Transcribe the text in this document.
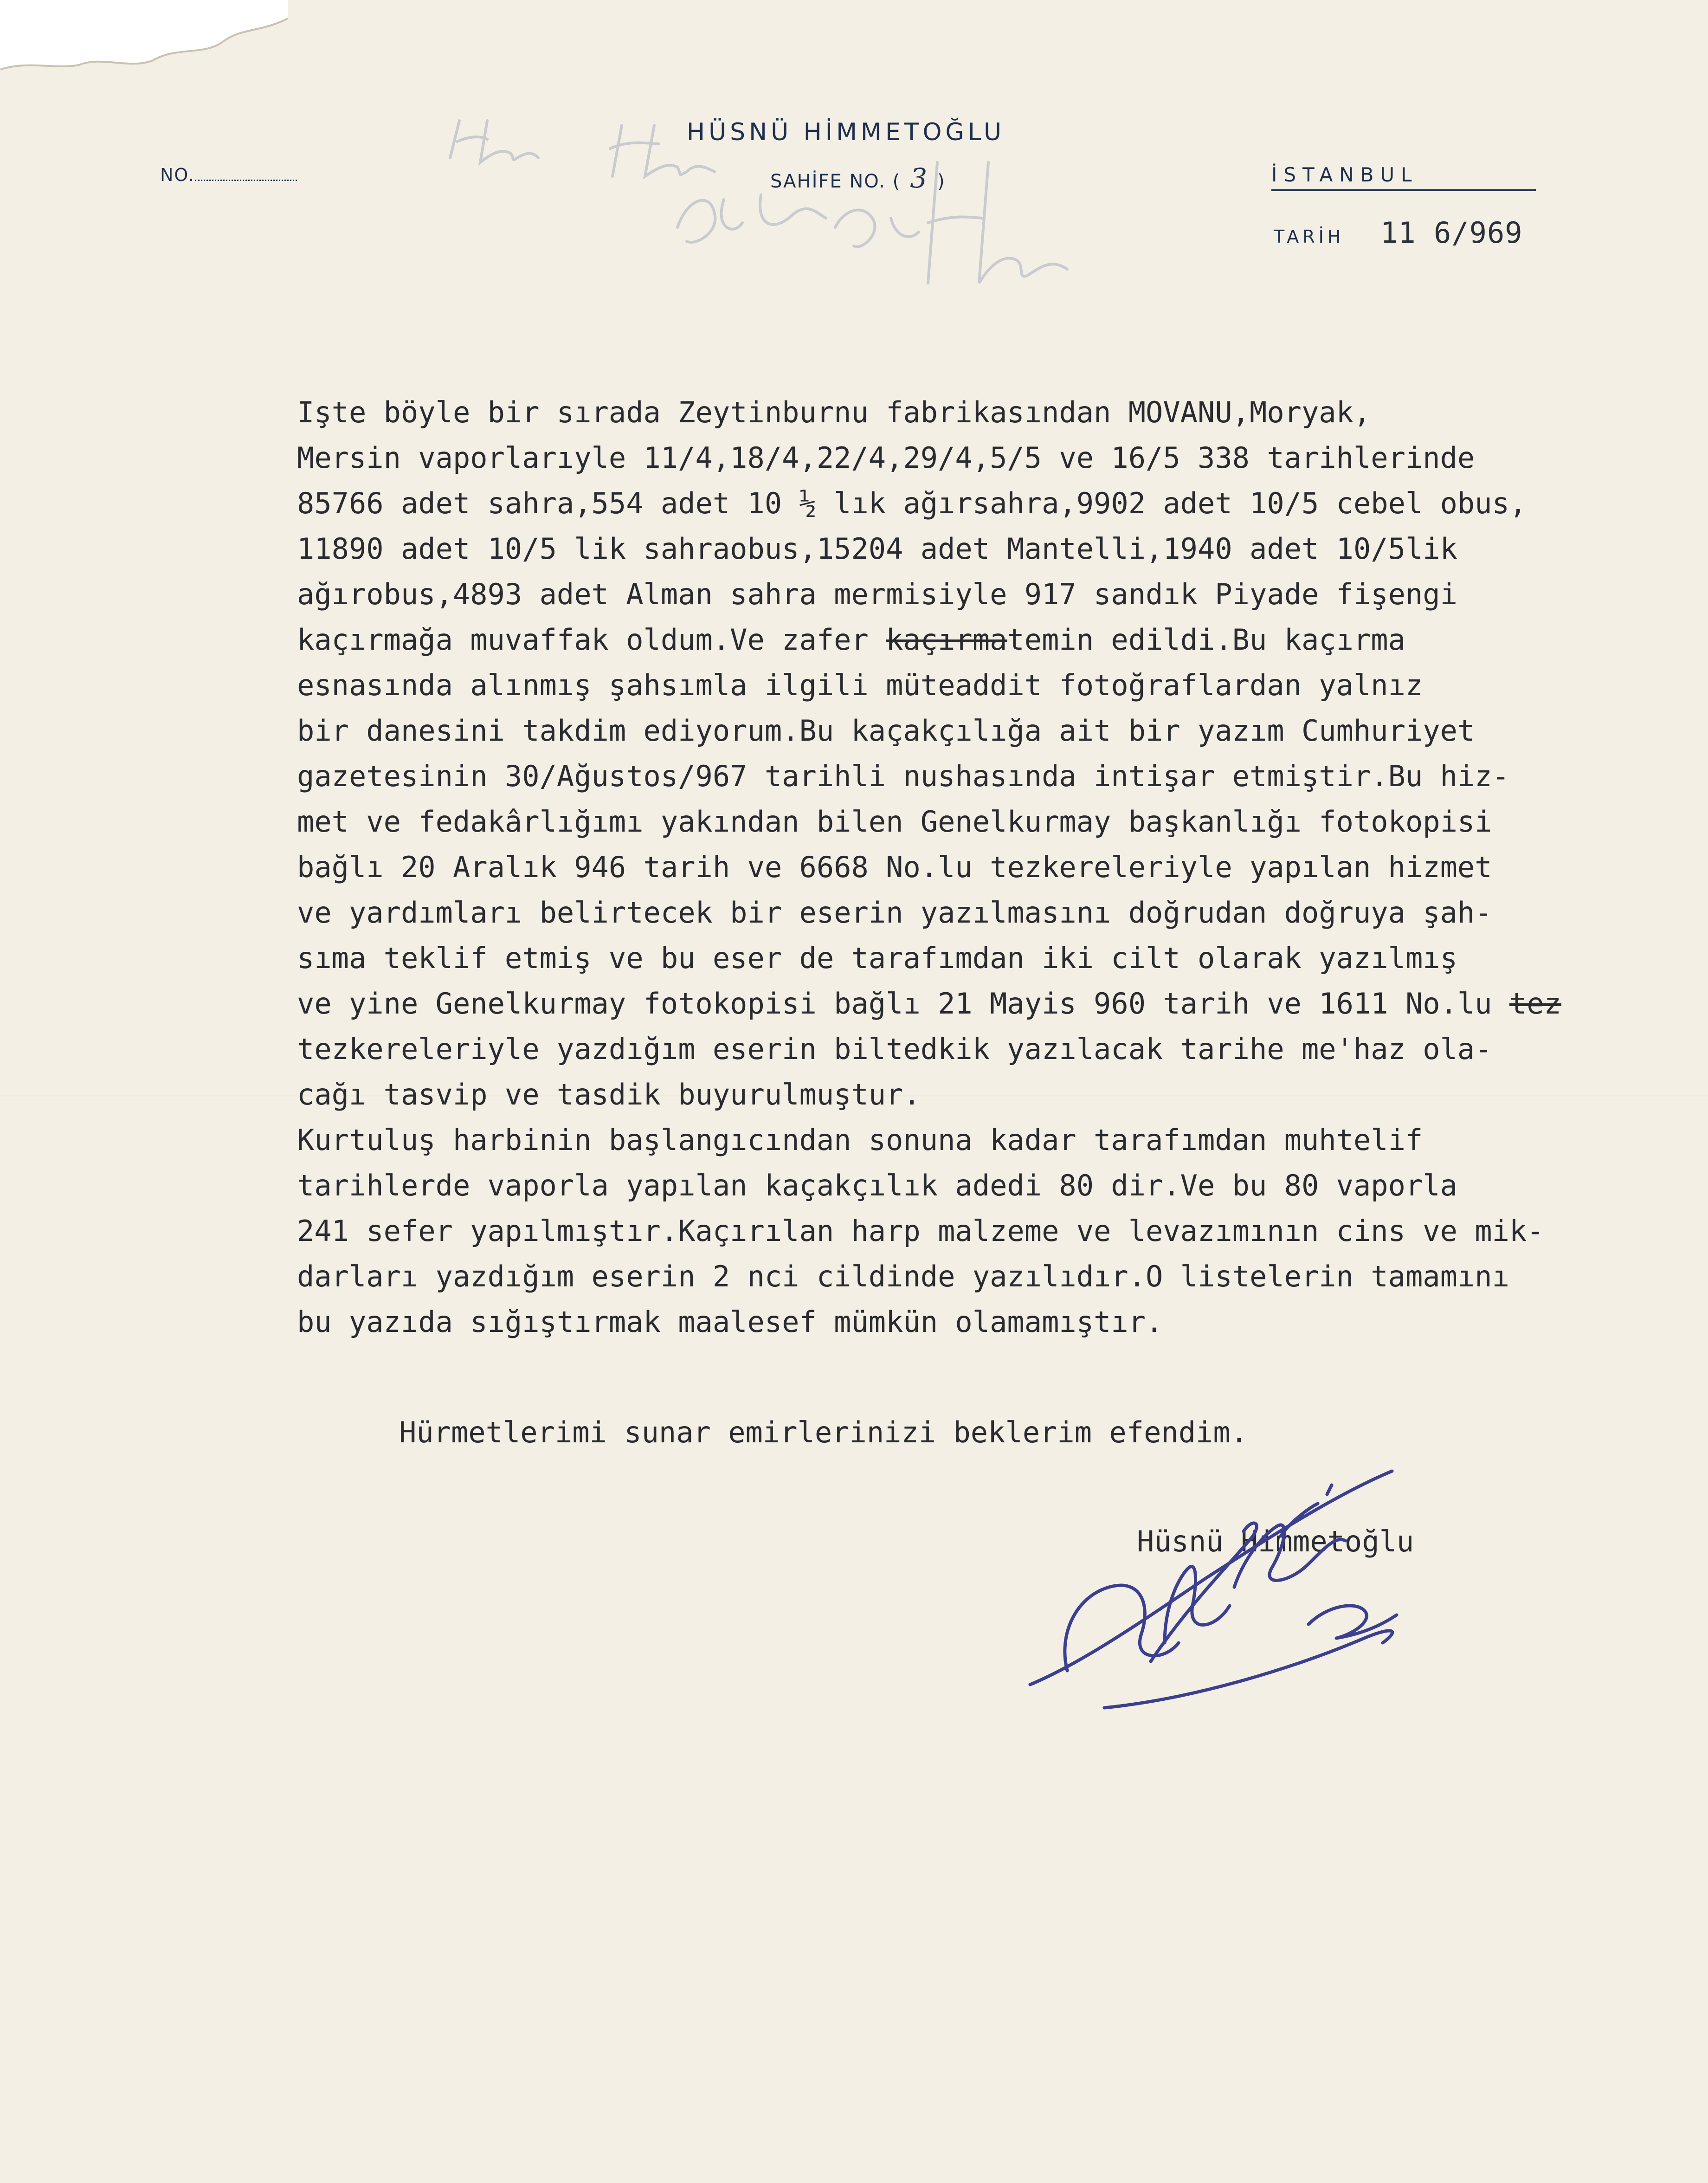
HÜSNÜ HİMMETOĞLU
NO.	SAHİFE NO. ( 3 )	İSTANBUL
TARİH 11 6/969

Işte böyle bir sırada Zeytinburnu fabrikasından MOVANU,Moryak,

Mersin vaporlarıyle 11/4,18/4,22/4,29/4,5/5 ve 16/5 338 tarihlerinde

85766 adet sahra,554 adet 10 ½ lık ağırsahra,9902 adet 10/5 cebel obus,

11890 adet 10/5 lik sahraobus,15204 adet Mantelli,1940 adet 10/5lik

ağırobus,4893 adet Alman sahra mermisiyle 917 sandık Piyade fişengi

kaçırmağa muvaffak oldum.Ve zafer kaçırmatemin edildi.Bu kaçırma

esnasında alınmış şahsımla ilgili müteaddit fotoğraflardan yalnız

bir danesini takdim ediyorum.Bu kaçakçılığa ait bir yazım Cumhuriyet

gazetesinin 30/Ağustos/967 tarihli nushasında intişar etmiştir.Bu hiz-

met ve fedakârlığımı yakından bilen Genelkurmay başkanlığı fotokopisi

bağlı 20 Aralık 946 tarih ve 6668 No.lu tezkereleriyle yapılan hizmet

ve yardımları belirtecek bir eserin yazılmasını doğrudan doğruya şah-

sıma teklif etmiş ve bu eser de tarafımdan iki cilt olarak yazılmış

ve yine Genelkurmay fotokopisi bağlı 21 Mayis 960 tarih ve 1611 No.lu tez

tezkereleriyle yazdığım eserin biltedkik yazılacak tarihe me'haz ola-

cağı tasvip ve tasdik buyurulmuştur.

Kurtuluş harbinin başlangıcından sonuna kadar tarafımdan muhtelif

tarihlerde vaporla yapılan kaçakçılık adedi 80 dir.Ve bu 80 vaporla

241 sefer yapılmıştır.Kaçırılan harp malzeme ve levazımının cins ve mik-

darları yazdığım eserin 2 nci cildinde yazılıdır.O listelerin tamamını

bu yazıda sığıştırmak maalesef mümkün olamamıştır.

Hürmetlerimi sunar emirlerinizi beklerim efendim.
Hüsnü Himmetoğlu
